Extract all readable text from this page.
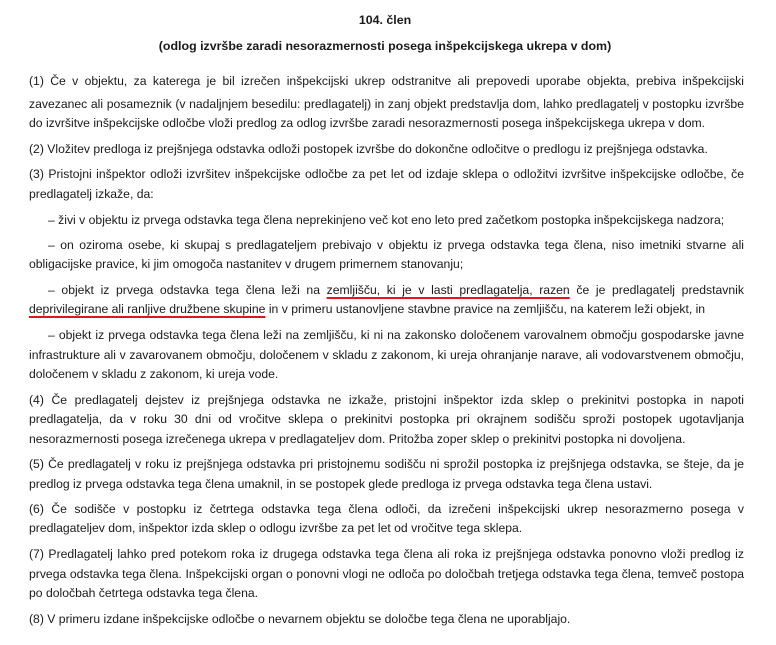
104. člen
(odlog izvršbe zaradi nesorazmernosti posega inšpekcijskega ukrepa v dom)
(1) Če v objektu, za katerega je bil izrečen inšpekcijski ukrep odstranitve ali prepovedi uporabe objekta, prebiva inšpekcijski
zavezanec ali posameznik (v nadaljnjem besedilu: predlagatelj) in zanj objekt predstavlja dom, lahko predlagatelj v postopku izvršbe
do izvršitve inšpekcijske odločbe vloži predlog za odlog izvršbe zaradi nesorazmernosti posega inšpekcijskega ukrepa v dom.
(2) Vložitev predloga iz prejšnjega odstavka odloži postopek izvršbe do dokončne odločitve o predlogu iz prejšnjega odstavka.
(3) Pristojni inšpektor odloži izvršitev inšpekcijske odločbe za pet let od izdaje sklepa o odložitvi izvršitve inšpekcijske odločbe, če
predlagatelj izkaže, da:
– živi v objektu iz prvega odstavka tega člena neprekinjeno več kot eno leto pred začetkom postopka inšpekcijskega nadzora;
– on oziroma osebe, ki skupaj s predlagateljem prebivajo v objektu iz prvega odstavka tega člena, niso imetniki stvarne ali
obligacijske pravice, ki jim omogoča nastanitev v drugem primernem stanovanju;
– objekt iz prvega odstavka tega člena leži na zemljišču, ki je v lasti predlagatelja, razen če je predlagatelj predstavnik
deprivilegirane ali ranljive družbene skupine in v primeru ustanovljene stavbne pravice na zemljišču, na katerem leži objekt, in
– objekt iz prvega odstavka tega člena leži na zemljišču, ki ni na zakonsko določenem varovalnem območju gospodarske javne
infrastrukture ali v zavarovanem območju, določenem v skladu z zakonom, ki ureja ohranjanje narave, ali vodovarstvenem območju,
določenem v skladu z zakonom, ki ureja vode.
(4) Če predlagatelj dejstev iz prejšnjega odstavka ne izkaže, pristojni inšpektor izda sklep o prekinitvi postopka in napoti
predlagatelja, da v roku 30 dni od vročitve sklepa o prekinitvi postopka pri okrajnem sodišču sproži postopek ugotavljanja
nesorazmernosti posega izrečenega ukrepa v predlagateljev dom. Pritožba zoper sklep o prekinitvi postopka ni dovoljena.
(5) Če predlagatelj v roku iz prejšnjega odstavka pri pristojnemu sodišču ni sprožil postopka iz prejšnjega odstavka, se šteje, da je
predlog iz prvega odstavka tega člena umaknil, in se postopek glede predloga iz prvega odstavka tega člena ustavi.
(6) Če sodišče v postopku iz četrtega odstavka tega člena odloči, da izrečeni inšpekcijski ukrep nesorazmerno posega v
predlagateljev dom, inšpektor izda sklep o odlogu izvršbe za pet let od vročitve tega sklepa.
(7) Predlagatelj lahko pred potekom roka iz drugega odstavka tega člena ali roka iz prejšnjega odstavka ponovno vloži predlog iz
prvega odstavka tega člena. Inšpekcijski organ o ponovni vlogi ne odloča po določbah tretjega odstavka tega člena, temveč postopa
po določbah četrtega odstavka tega člena.
(8) V primeru izdane inšpekcijske odločbe o nevarnem objektu se določbe tega člena ne uporabljajo.
